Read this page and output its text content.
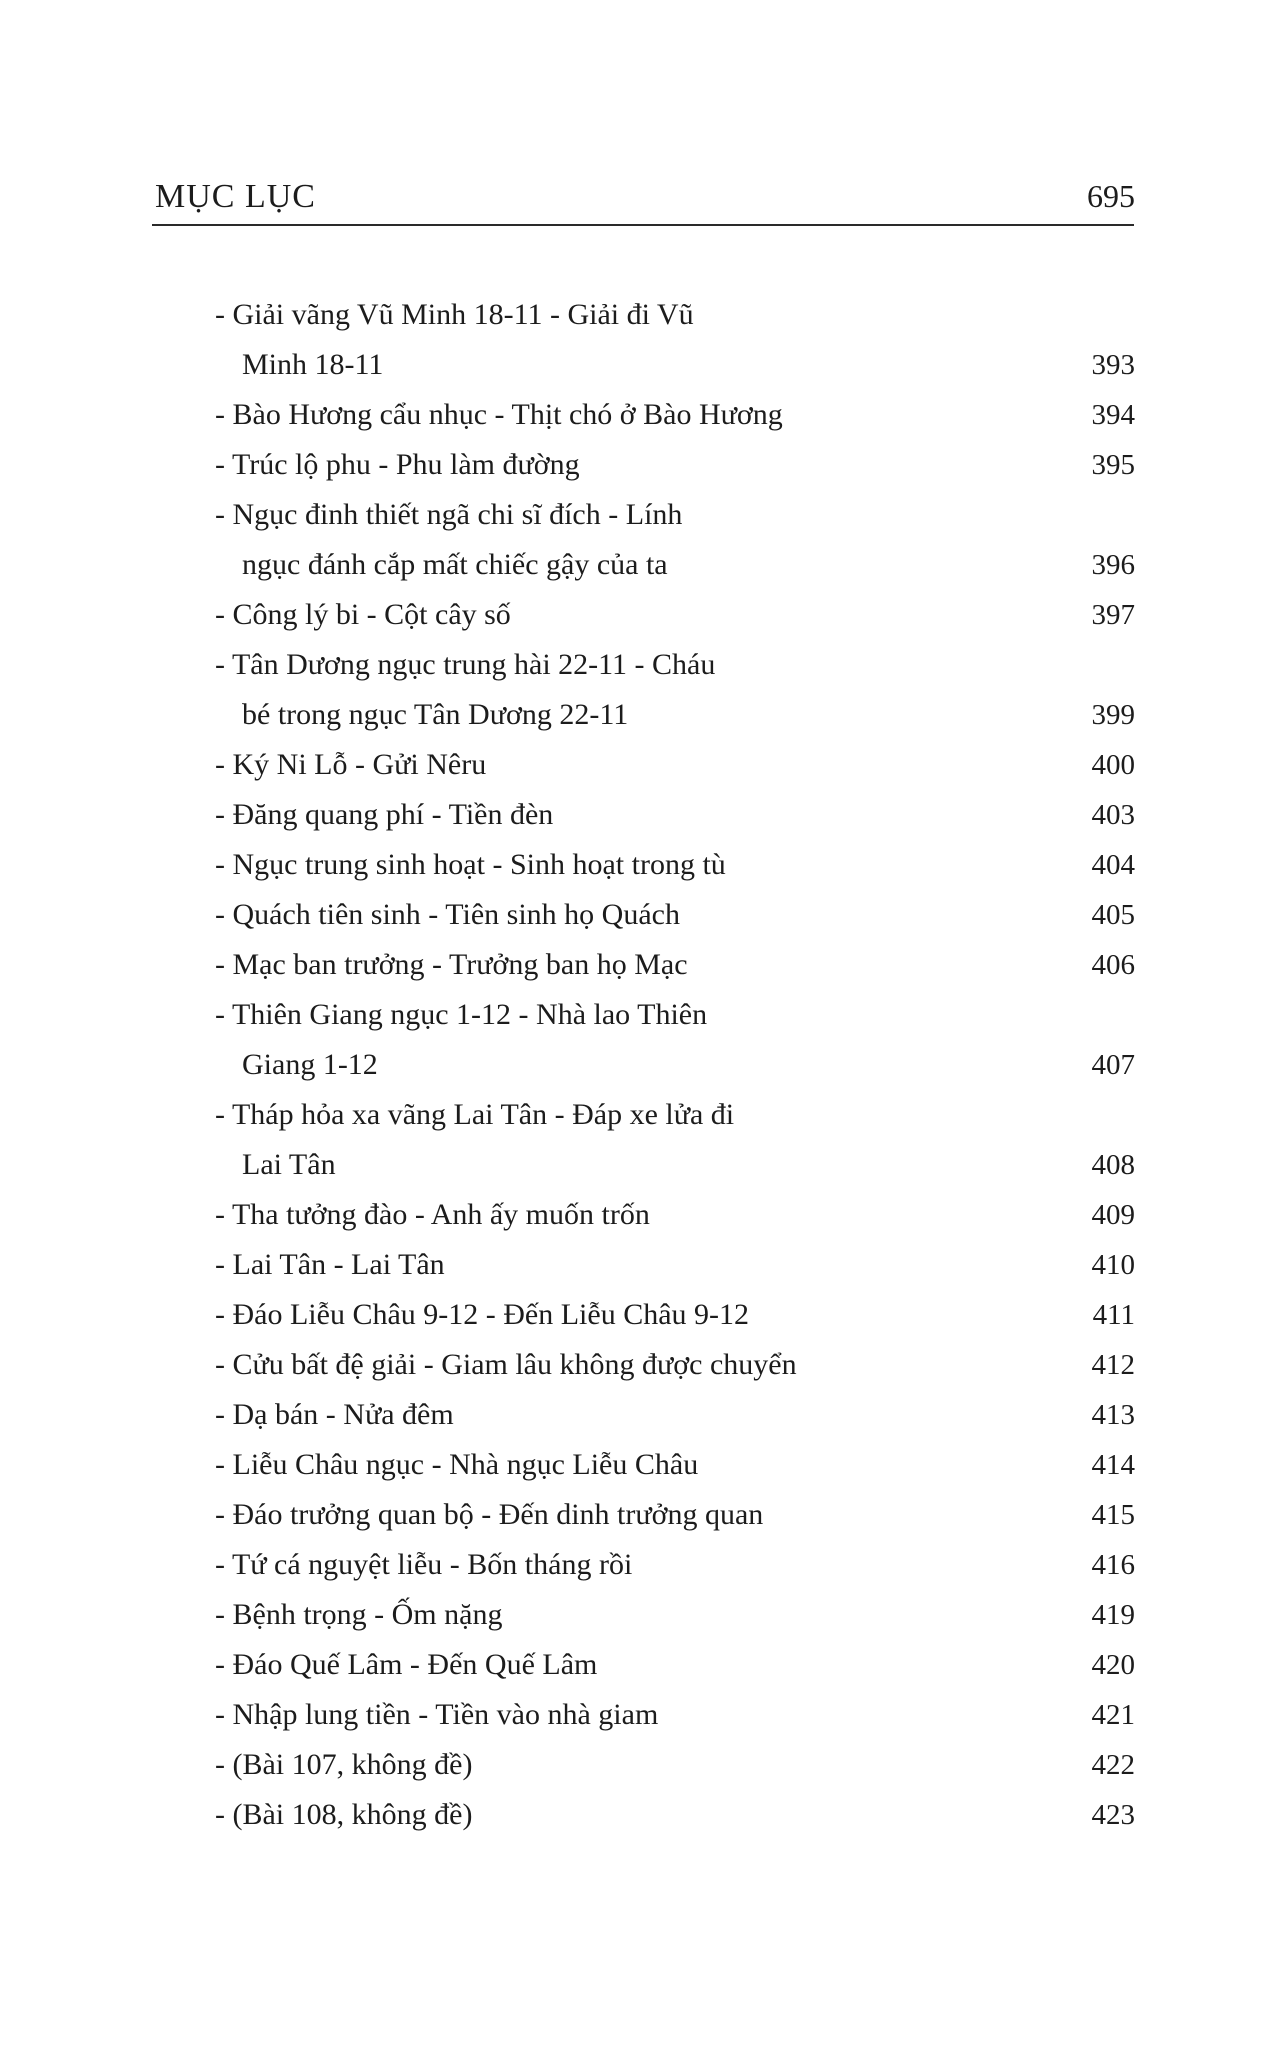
MỤC LỤC	695
- Giải vãng Vũ Minh 18-11 - Giải đi Vũ
Minh 18-11	393
- Bào Hương cẩu nhục - Thịt chó ở Bào Hương	394
- Trúc lộ phu - Phu làm đường	395
- Ngục đinh thiết ngã chi sĩ đích - Lính
ngục đánh cắp mất chiếc gậy của ta	396
- Công lý bi - Cột cây số	397
- Tân Dương ngục trung hài 22-11 - Cháu
bé trong ngục Tân Dương 22-11	399
- Ký Ni Lỗ - Gửi Nêru	400
- Đăng quang phí - Tiền đèn	403
- Ngục trung sinh hoạt - Sinh hoạt trong tù	404
- Quách tiên sinh - Tiên sinh họ Quách	405
- Mạc ban trưởng - Trưởng ban họ Mạc	406
- Thiên Giang ngục 1-12 - Nhà lao Thiên
Giang 1-12	407
- Tháp hỏa xa vãng Lai Tân - Đáp xe lửa đi
Lai Tân	408
- Tha tưởng đào - Anh ấy muốn trốn	409
- Lai Tân - Lai Tân	410
- Đáo Liễu Châu 9-12 - Đến Liễu Châu 9-12	411
- Cửu bất đệ giải - Giam lâu không được chuyển	412
- Dạ bán - Nửa đêm	413
- Liễu Châu ngục - Nhà ngục Liễu Châu	414
- Đáo trưởng quan bộ - Đến dinh trưởng quan	415
- Tứ cá nguyệt liễu - Bốn tháng rồi	416
- Bệnh trọng - Ốm nặng	419
- Đáo Quế Lâm - Đến Quế Lâm	420
- Nhập lung tiền - Tiền vào nhà giam	421
- (Bài 107, không đề)	422
- (Bài 108, không đề)	423
